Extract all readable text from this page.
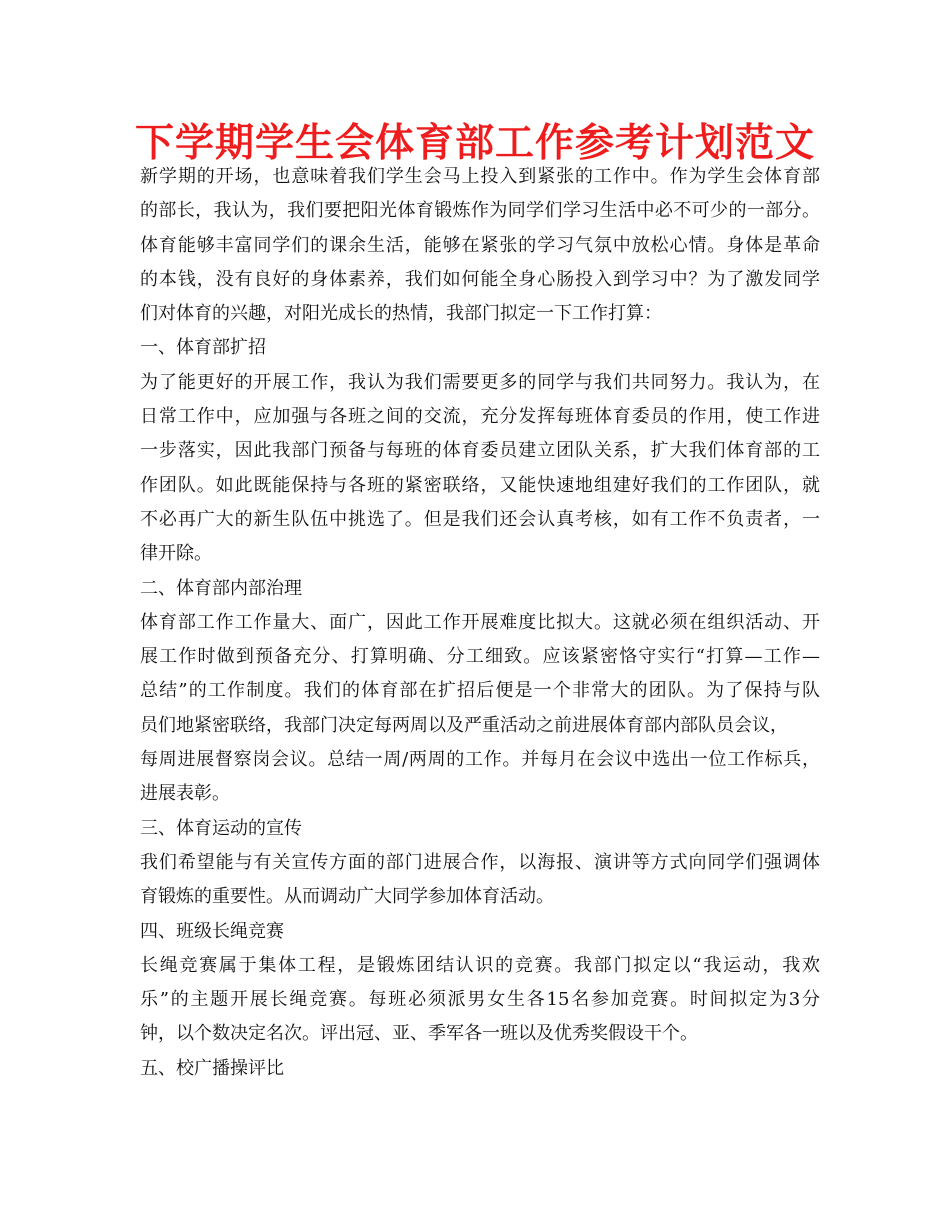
下学期学生会体育部工作参考计划范文
新学期的开场，也意味着我们学生会马上投入到紧张的工作中。作为学生会体育部
的部长，我认为，我们要把阳光体育锻炼作为同学们学习生活中必不可少的一部分。
体育能够丰富同学们的课余生活，能够在紧张的学习气氛中放松心情。身体是革命
的本钱，没有良好的身体素养，我们如何能全身心肠投入到学习中？为了激发同学
们对体育的兴趣，对阳光成长的热情，我部门拟定一下工作打算：
一、体育部扩招
为了能更好的开展工作，我认为我们需要更多的同学与我们共同努力。我认为，在
日常工作中，应加强与各班之间的交流，充分发挥每班体育委员的作用，使工作进
一步落实，因此我部门预备与每班的体育委员建立团队关系，扩大我们体育部的工
作团队。如此既能保持与各班的紧密联络，又能快速地组建好我们的工作团队，就
不必再广大的新生队伍中挑选了。但是我们还会认真考核，如有工作不负责者，一
律开除。
二、体育部内部治理
体育部工作工作量大、面广，因此工作开展难度比拟大。这就必须在组织活动、开
展工作时做到预备充分、打算明确、分工细致。应该紧密恪守实行“打算—工作—
总结”的工作制度。我们的体育部在扩招后便是一个非常大的团队。为了保持与队
员们地紧密联络，我部门决定每两周以及严重活动之前进展体育部内部队员会议，
每周进展督察岗会议。总结一周/两周的工作。并每月在会议中选出一位工作标兵，
进展表彰。
三、体育运动的宣传
我们希望能与有关宣传方面的部门进展合作，以海报、演讲等方式向同学们强调体
育锻炼的重要性。从而调动广大同学参加体育活动。
四、班级长绳竞赛
长绳竞赛属于集体工程，是锻炼团结认识的竞赛。我部门拟定以“我运动，我欢
乐”的主题开展长绳竞赛。每班必须派男女生各15名参加竞赛。时间拟定为3分
钟，以个数决定名次。评出冠、亚、季军各一班以及优秀奖假设干个。
五、校广播操评比
